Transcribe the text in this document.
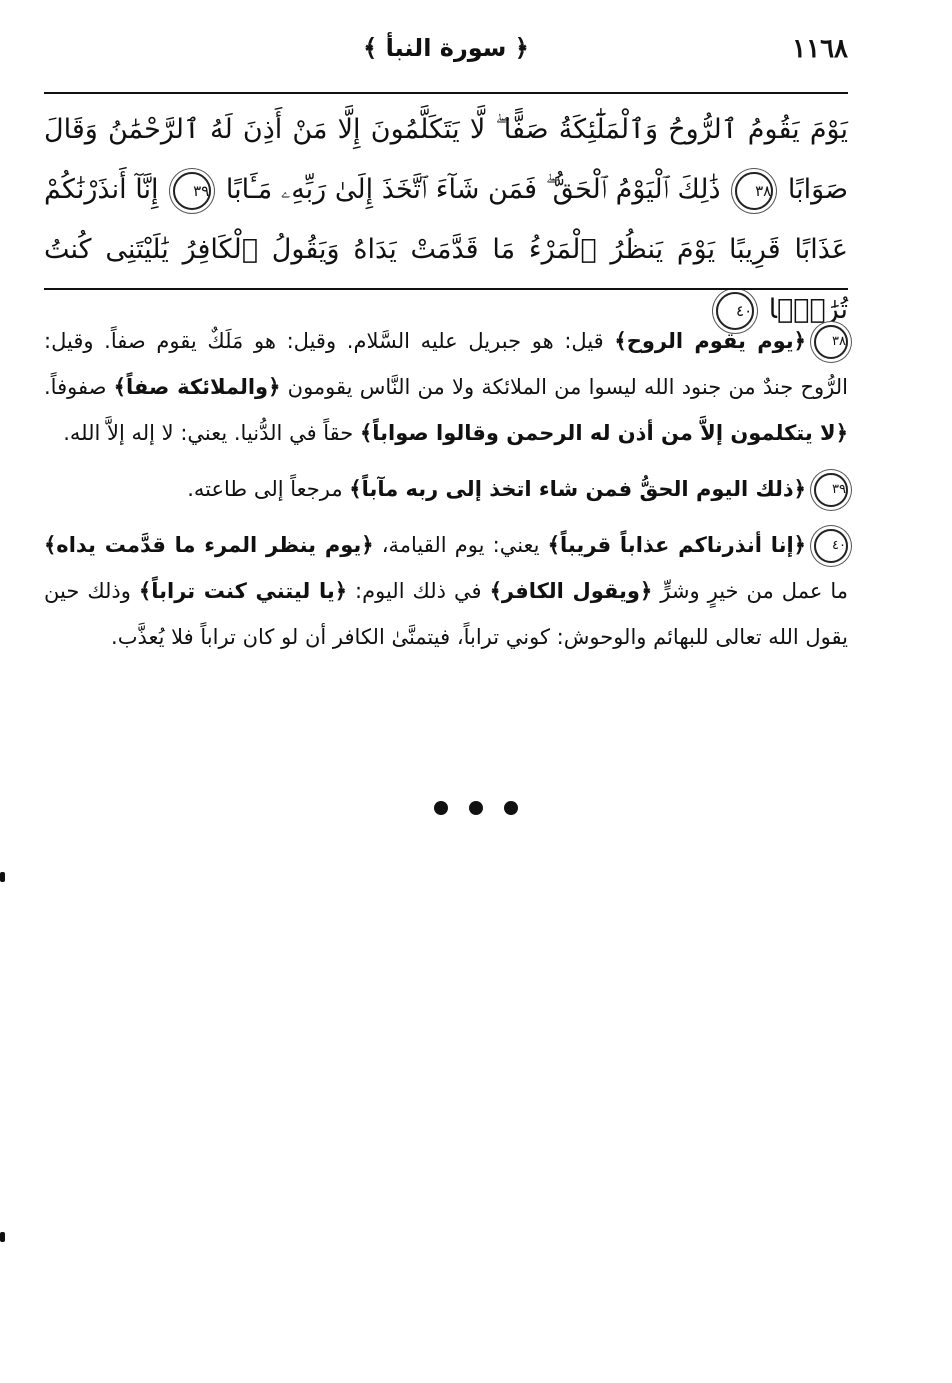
١١٦٨
﴿ سورة النبأ ﴾
يَوْمَ يَقُومُ ٱلرُّوحُ وَٱلْمَلَٰٓئِكَةُ صَفًّا ۖ لَّا يَتَكَلَّمُونَ إِلَّا مَنْ أَذِنَ لَهُ ٱلرَّحْمَٰنُ وَقَالَ صَوَابًا ٣٨ ذَٰلِكَ ٱلْيَوْمُ ٱلْحَقُّ ۖ فَمَن شَآءَ ٱتَّخَذَ إِلَىٰ رَبِّهِۦ مَـَٔابًا ٣٩ إِنَّآ أَنذَرْنَٰكُمْ عَذَابًا قَرِيبًا يَوْمَ يَنظُرُ ٱلْمَرْءُ مَا قَدَّمَتْ يَدَاهُ وَيَقُولُ ٱلْكَافِرُ يَٰلَيْتَنِى كُنتُ تُرَٰبًۢا ٤٠

٣٨﴿يوم يقوم الروح﴾ قيل: هو جبريل عليه السَّلام. وقيل: هو مَلَكٌ يقوم صفاً. وقيل: الرُّوح جندٌ من جنود الله ليسوا من الملائكة ولا من النَّاس يقومون ﴿والملائكة صفاً﴾ صفوفاً. ﴿لا يتكلمون إلاَّ من أذن له الرحمن وقالوا صواباً﴾ حقاً في الدُّنيا. يعني: لا إله إلاَّ الله.

٣٩﴿ذلك اليوم الحقُّ فمن شاء اتخذ إلى ربه مآباً﴾ مرجعاً إلى طاعته.

٤٠﴿إنا أنذرناكم عذاباً قريباً﴾ يعني: يوم القيامة، ﴿يوم ينظر المرء ما قدَّمت يداه﴾ ما عمل من خيرٍ وشرٍّ ﴿ويقول الكافر﴾ في ذلك اليوم: ﴿يا ليتني كنت تراباً﴾ وذلك حين يقول الله تعالى للبهائم والوحوش: كوني تراباً، فيتمنَّىٰ الكافر أن لو كان تراباً فلا يُعذَّب.
